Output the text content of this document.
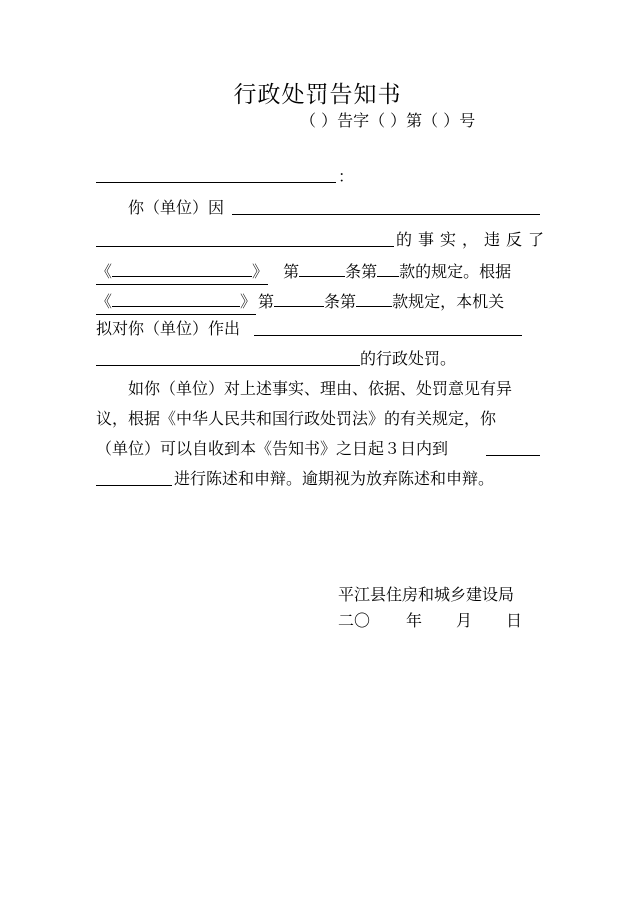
行政处罚告知书
（ ）告字（ ）第（ ）号
：
你（单位）因
的事实，违反了
《	》 第	条第 款的规定。根据
《	》 第	条第 款规定，本机关
拟对你（单位）作出
的行政处罚。
如你（单位）对上述事实、理由、依据、处罚意见有异
议，根据《中华人民共和国行政处罚法》的有关规定，你
（单位）可以自收到本《告知书》之日起３日内到
进行陈述和申辩。逾期视为放弃陈述和申辩。
平江县住房和城乡建设局
二〇 年 月 日
